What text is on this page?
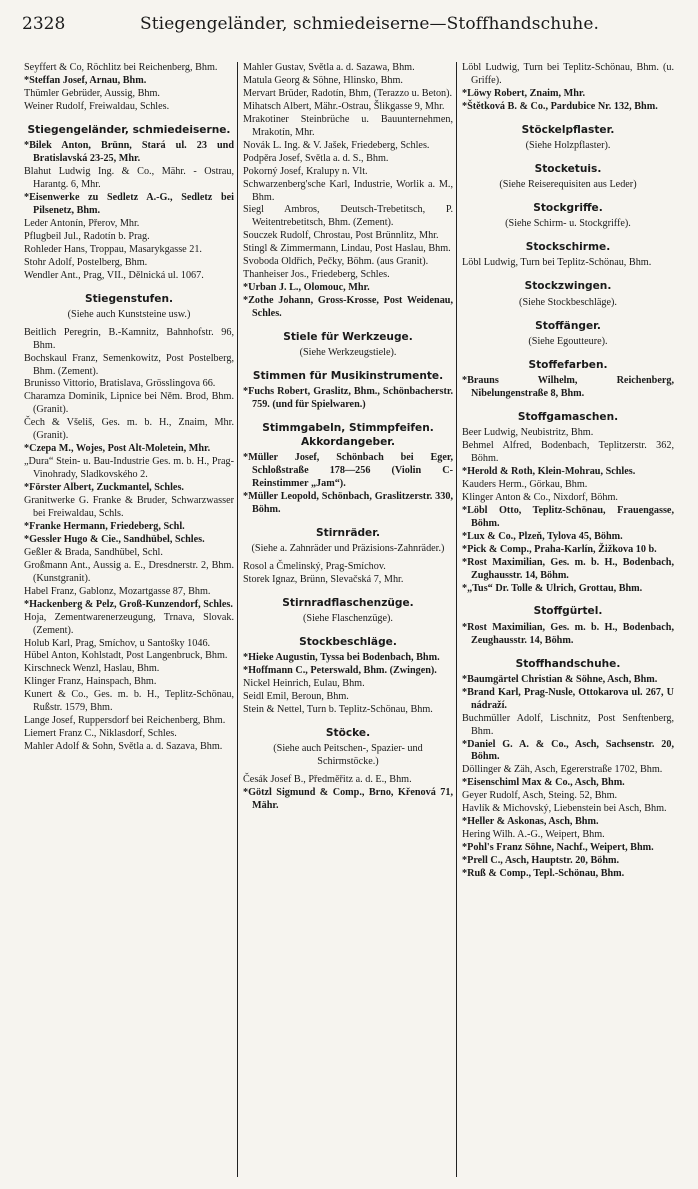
2328	Stiegengeländer, schmiedeiserne—Stoffhandschuhe.

Seyffert & Co, Röchlitz bei Reichenberg, Bhm.

*Steffan Josef, Arnau, Bhm.

Thümler Gebrüder, Aussig, Bhm.

Weiner Rudolf, Freiwaldau, Schles.

Stiegengeländer, schmiedeiserne.

*Bilek Anton, Brünn, Stará ul. 23 und Bratislavská 23-25, Mhr.

Blahut Ludwig Ing. & Co., Mähr. - Ostrau, Harantg. 6, Mhr.

*Eisenwerke zu Sedletz A.-G., Sedletz bei Pilsenetz, Bhm.

Leder Antonín, Přerov, Mhr.

Pflugbeil Jul., Radotín b. Prag.

Rohleder Hans, Troppau, Masarykgasse 21.

Stohr Adolf, Postelberg, Bhm.

Wendler Ant., Prag, VII., Dělnická ul. 1067.

Stiegenstufen.

(Siehe auch Kunststeine usw.)

Beitlich Peregrin, B.-Kamnitz, Bahnhofstr. 96, Bhm.

Bochskaul Franz, Semenkowitz, Post Postelberg, Bhm. (Zement).

Brunisso Vittorio, Bratislava, Grösslingova 66.

Charamza Dominik, Lipnice bei Něm. Brod, Bhm. (Granit).

Čech & Všeliš, Ges. m. b. H., Znaim, Mhr. (Granit).

*Czepa M., Wojes, Post Alt-Moletein, Mhr.

„Dura“ Stein- u. Bau-Industrie Ges. m. b. H., Prag-Vinohrady, Sladkovského 2.

*Förster Albert, Zuckmantel, Schles.

Granitwerke G. Franke & Bruder, Schwarzwasser bei Freiwaldau, Schls.

*Franke Hermann, Friedeberg, Schl.

*Gessler Hugo & Cie., Sandhübel, Schles.

Geßler & Brada, Sandhübel, Schl.

Großmann Ant., Aussig a. E., Dresdnerstr. 2, Bhm. (Kunstgranit).

Habel Franz, Gablonz, Mozartgasse 87, Bhm.

*Hackenberg & Pelz, Groß-Kunzendorf, Schles.

Hoja, Zementwarenerzeugung, Trnava, Slovak. (Zement).

Holub Karl, Prag, Smíchov, u Santošky 1046.

Hübel Anton, Kohlstadt, Post Langenbruck, Bhm.

Kirschneck Wenzl, Haslau, Bhm.

Klinger Franz, Hainspach, Bhm.

Kunert & Co., Ges. m. b. H., Teplitz-Schönau, Rußstr. 1579, Bhm.

Lange Josef, Ruppersdorf bei Reichenberg, Bhm.

Liemert Franz C., Niklasdorf, Schles.

Mahler Adolf & Sohn, Světla a. d. Sazava, Bhm.

Mahler Gustav, Světla a. d. Sazawa, Bhm.

Matula Georg & Söhne, Hlinsko, Bhm.

Mervart Brüder, Radotín, Bhm, (Terazzo u. Beton).

Mihatsch Albert, Mähr.-Ostrau, Šlikgasse 9, Mhr.

Mrakotiner Steinbrüche u. Bauunternehmen, Mrakotín, Mhr.

Novák L. Ing. & V. Jašek, Friedeberg, Schles.

Podpěra Josef, Světla a. d. S., Bhm.

Pokorný Josef, Kralupy n. Vlt.

Schwarzenberg'sche Karl, Industrie, Worlik a. M., Bhm.

Siegl Ambros, Deutsch-Trebetitsch, P. Weitentrebetitsch, Bhm. (Zement).

Souczek Rudolf, Chrostau, Post Brünnlitz, Mhr.

Stingl & Zimmermann, Lindau, Post Haslau, Bhm.

Svoboda Oldřich, Pečky, Böhm. (aus Granit).

Thanheiser Jos., Friedeberg, Schles.

*Urban J. L., Olomouc, Mhr.

*Zothe Johann, Gross-Krosse, Post Weidenau, Schles.

Stiele für Werkzeuge.

(Siehe Werkzeugstiele).

Stimmen für Musikinstrumente.

*Fuchs Robert, Graslitz, Bhm., Schönbacherstr. 759. (und für Spielwaren.)

Stimmgabeln, Stimmpfeifen. Akkordangeber.

*Müller Josef, Schönbach bei Eger, Schloßstraße 178—256 (Violin C-Reinstimmer „Jam“).

*Müller Leopold, Schönbach, Graslitzerstr. 330, Böhm.

Stirnräder.

(Siehe a. Zahnräder und Präzisions-Zahnräder.)

Rosol a Čmelinský, Prag-Smíchov.

Storek Ignaz, Brünn, Slevačská 7, Mhr.

Stirnradflaschenzüge.

(Siehe Flaschenzüge).

Stockbeschläge.

*Hieke Augustin, Tyssa bei Bodenbach, Bhm.

*Hoffmann C., Peterswald, Bhm. (Zwingen).

Nickel Heinrich, Eulau, Bhm.

Seidl Emil, Beroun, Bhm.

Stein & Nettel, Turn b. Teplitz-Schönau, Bhm.

Stöcke.

(Siehe auch Peitschen-, Spazier- und Schirmstöcke.)

Česák Josef B., Předměřitz a. d. E., Bhm.

*Götzl Sigmund & Comp., Brno, Křenová 71, Mähr.

Löbl Ludwig, Turn bei Teplitz-Schönau, Bhm. (u. Griffe).

*Löwy Robert, Znaim, Mhr.

*Štětková B. & Co., Pardubice Nr. 132, Bhm.

Stöckelpflaster.

(Siehe Holzpflaster).

Stocketuis.

(Siehe Reiserequisiten aus Leder)

Stockgriffe.

(Siehe Schirm- u. Stockgriffe).

Stockschirme.

Löbl Ludwig, Turn bei Teplitz-Schönau, Bhm.

Stockzwingen.

(Siehe Stockbeschläge).

Stoffänger.

(Siehe Egoutteure).

Stoffefarben.

*Brauns Wilhelm, Reichenberg, Nibelungenstraße 8, Bhm.

Stoffgamaschen.

Beer Ludwig, Neubistritz, Bhm.

Behmel Alfred, Bodenbach, Teplitzerstr. 362, Böhm.

*Herold & Roth, Klein-Mohrau, Schles.

Kauders Herm., Görkau, Bhm.

Klinger Anton & Co., Nixdorf, Böhm.

*Löbl Otto, Teplitz-Schönau, Frauengasse, Böhm.

*Lux & Co., Plzeň, Tylova 45, Böhm.

*Pick & Comp., Praha-Karlín, Žižkova 10 b.

*Rost Maximilian, Ges. m. b. H., Bodenbach, Zughausstr. 14, Böhm.

*„Tus“ Dr. Tolle & Ulrich, Grottau, Bhm.

Stoffgürtel.

*Rost Maximilian, Ges. m. b. H., Bodenbach, Zeughausstr. 14, Böhm.

Stoffhandschuhe.

*Baumgärtel Christian & Söhne, Asch, Bhm.

*Brand Karl, Prag-Nusle, Ottokarova ul. 267, U nádraží.

Buchmüller Adolf, Lischnitz, Post Senftenberg, Bhm.

*Daniel G. A. & Co., Asch, Sachsenstr. 20, Böhm.

Döllinger & Zäh, Asch, Egererstraße 1702, Bhm.

*Eisenschiml Max & Co., Asch, Bhm.

Geyer Rudolf, Asch, Steing. 52, Bhm.

Havlík & Michovský, Liebenstein bei Asch, Bhm.

*Heller & Askonas, Asch, Bhm.

Hering Wilh. A.-G., Weipert, Bhm.

*Pohl's Franz Söhne, Nachf., Weipert, Bhm.

*Prell C., Asch, Hauptstr. 20, Böhm.

*Ruß & Comp., Tepl.-Schönau, Bhm.
